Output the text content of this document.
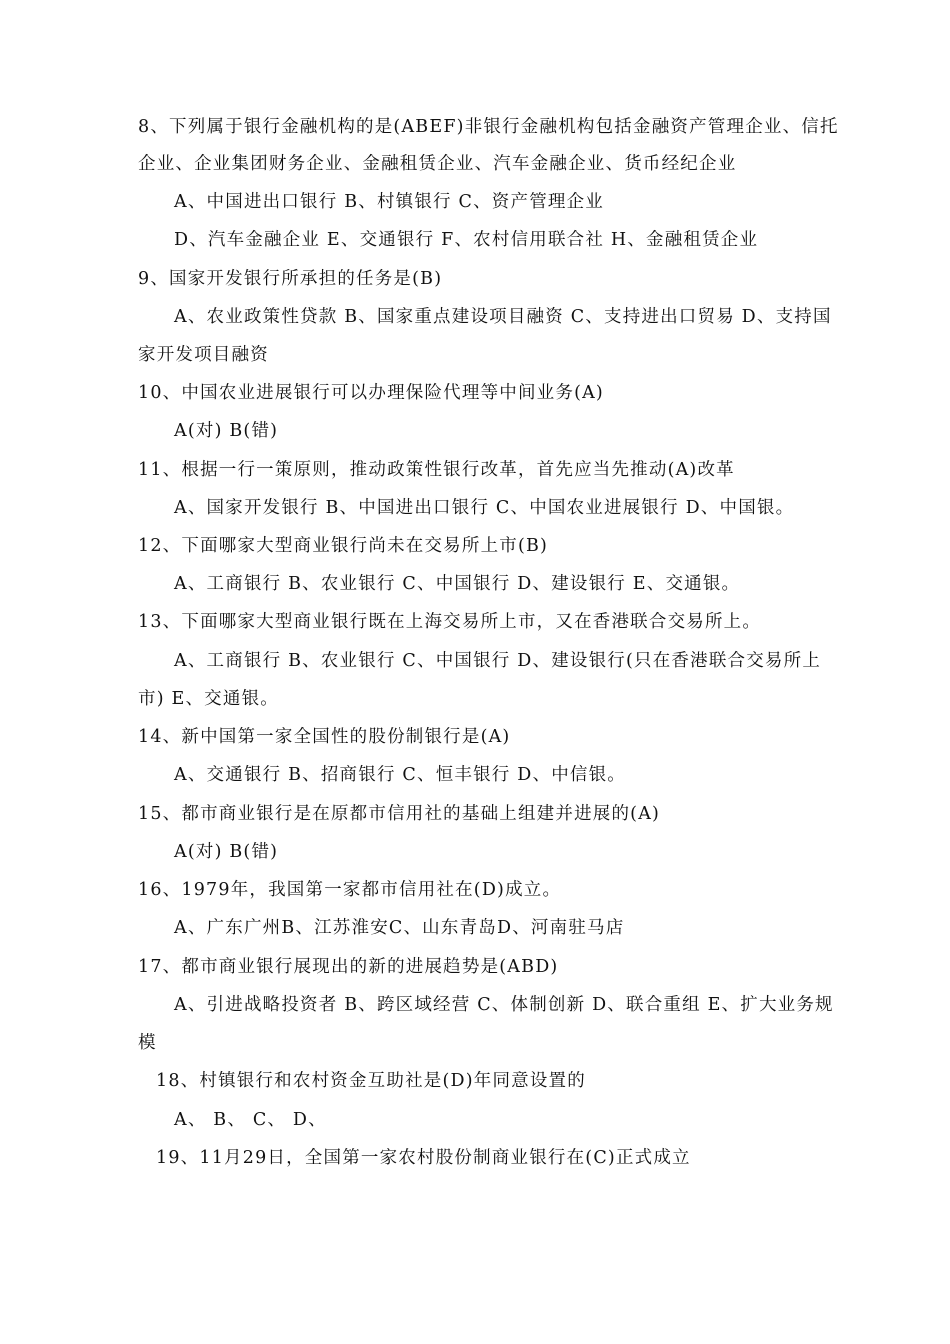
8、下列属于银行金融机构的是(ABEF)非银行金融机构包括金融资产管理企业、信托
企业、企业集团财务企业、金融租赁企业、汽车金融企业、货币经纪企业
A、中国进出口银行 B、村镇银行 C、资产管理企业
D、汽车金融企业 E、交通银行 F、农村信用联合社 H、金融租赁企业
9、国家开发银行所承担的任务是(B)
A、农业政策性贷款 B、国家重点建设项目融资 C、支持进出口贸易 D、支持国
家开发项目融资
10、中国农业进展银行可以办理保险代理等中间业务(A)
A(对) B(错)
11、根据一行一策原则，推动政策性银行改革，首先应当先推动(A)改革
A、国家开发银行 B、中国进出口银行 C、中国农业进展银行 D、中国银。
12、下面哪家大型商业银行尚未在交易所上市(B)
A、工商银行 B、农业银行 C、中国银行 D、建设银行 E、交通银。
13、下面哪家大型商业银行既在上海交易所上市，又在香港联合交易所上。
A、工商银行 B、农业银行 C、中国银行 D、建设银行(只在香港联合交易所上
市) E、交通银。
14、新中国第一家全国性的股份制银行是(A)
A、交通银行 B、招商银行 C、恒丰银行 D、中信银。
15、都市商业银行是在原都市信用社的基础上组建并进展的(A)
A(对) B(错)
16、1979年，我国第一家都市信用社在(D)成立。
A、广东广州B、江苏淮安C、山东青岛D、河南驻马店
17、都市商业银行展现出的新的进展趋势是(ABD)
A、引进战略投资者 B、跨区域经营 C、体制创新 D、联合重组 E、扩大业务规
模
18、村镇银行和农村资金互助社是(D)年同意设置的
A、 B、 C、 D、
19、11月29日，全国第一家农村股份制商业银行在(C)正式成立
